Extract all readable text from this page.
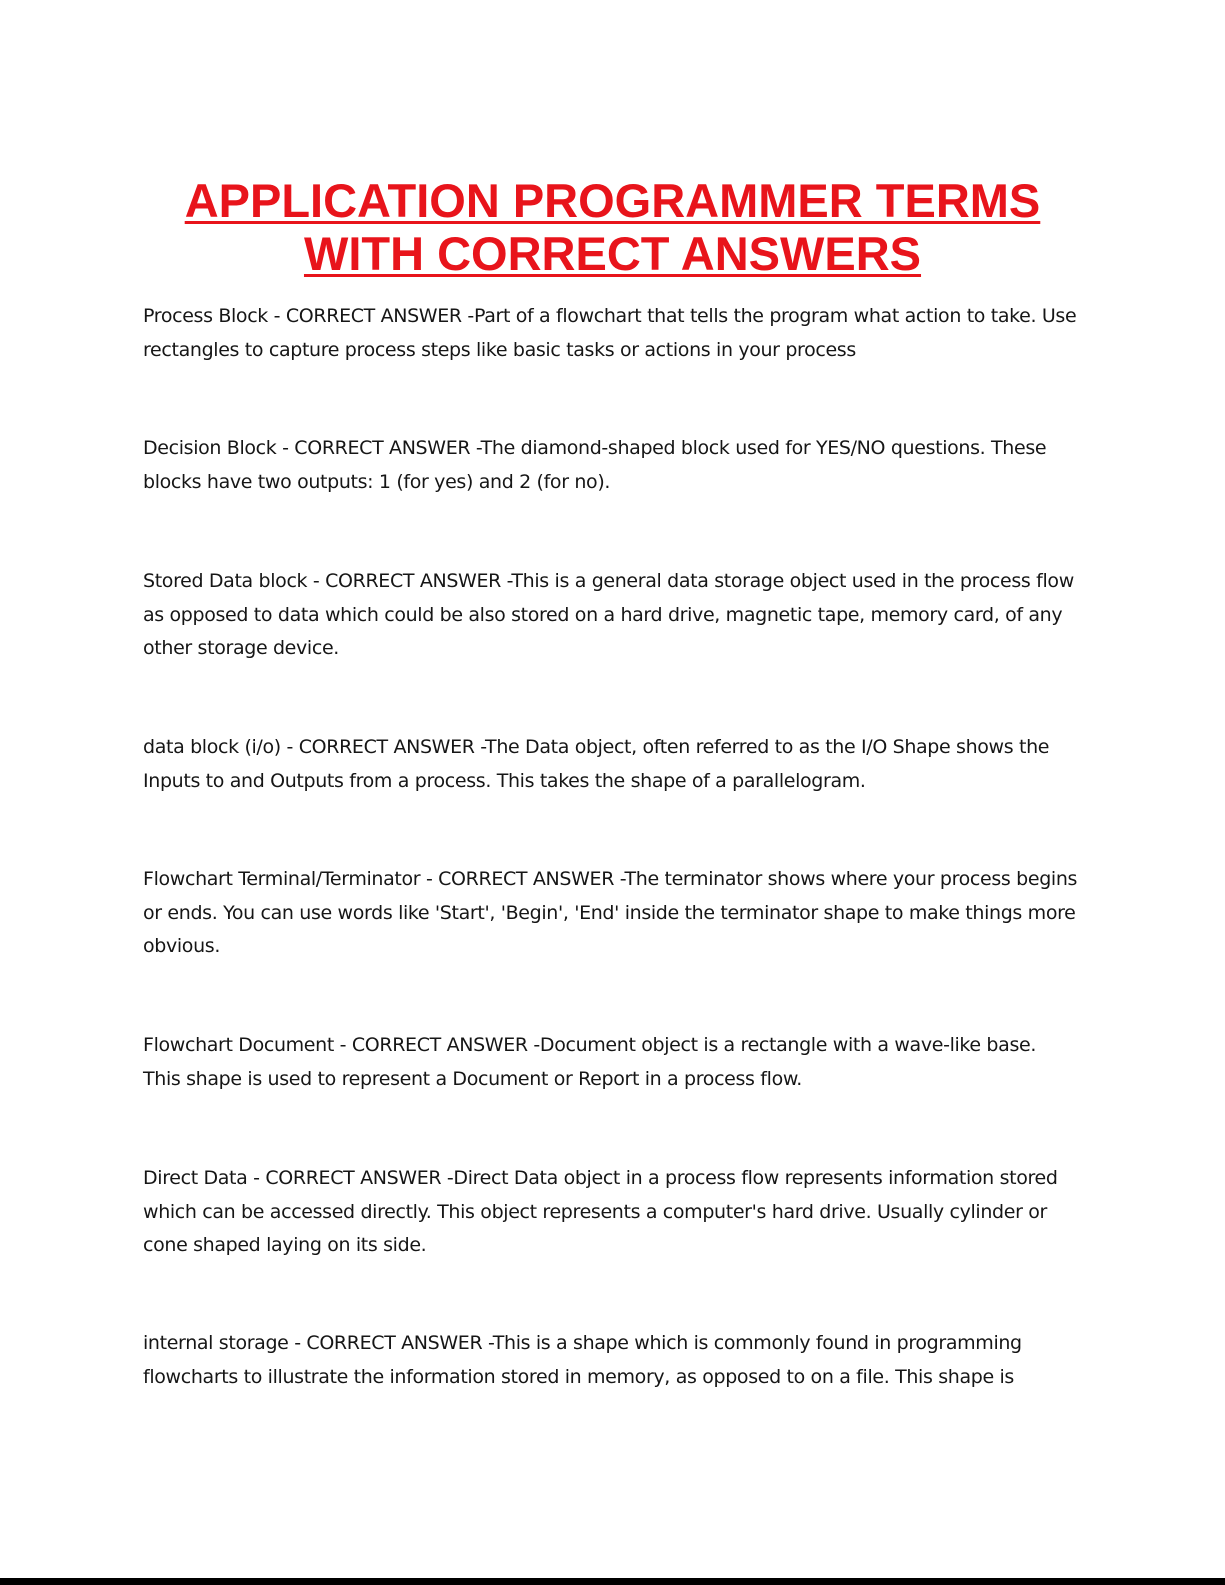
APPLICATION PROGRAMMER TERMS
WITH CORRECT ANSWERS

Process Block - CORRECT ANSWER -Part of a flowchart that tells the program what action to take. Use rectangles to capture process steps like basic tasks or actions in your process

Decision Block - CORRECT ANSWER -The diamond-shaped block used for YES/NO questions. These blocks have two outputs: 1 (for yes) and 2 (for no).

Stored Data block - CORRECT ANSWER -This is a general data storage object used in the process flow as opposed to data which could be also stored on a hard drive, magnetic tape, memory card, of any other storage device.

data block (i/o) - CORRECT ANSWER -The Data object, often referred to as the I/O Shape shows the Inputs to and Outputs from a process. This takes the shape of a parallelogram.

Flowchart Terminal/Terminator - CORRECT ANSWER -The terminator shows where your process begins or ends. You can use words like 'Start', 'Begin', 'End' inside the terminator shape to make things more obvious.

Flowchart Document - CORRECT ANSWER -Document object is a rectangle with a wave-like base. This shape is used to represent a Document or Report in a process flow.

Direct Data - CORRECT ANSWER -Direct Data object in a process flow represents information stored which can be accessed directly. This object represents a computer's hard drive. Usually cylinder or cone shaped laying on its side.

internal storage - CORRECT ANSWER -This is a shape which is commonly found in programming flowcharts to illustrate the information stored in memory, as opposed to on a file. This shape is
